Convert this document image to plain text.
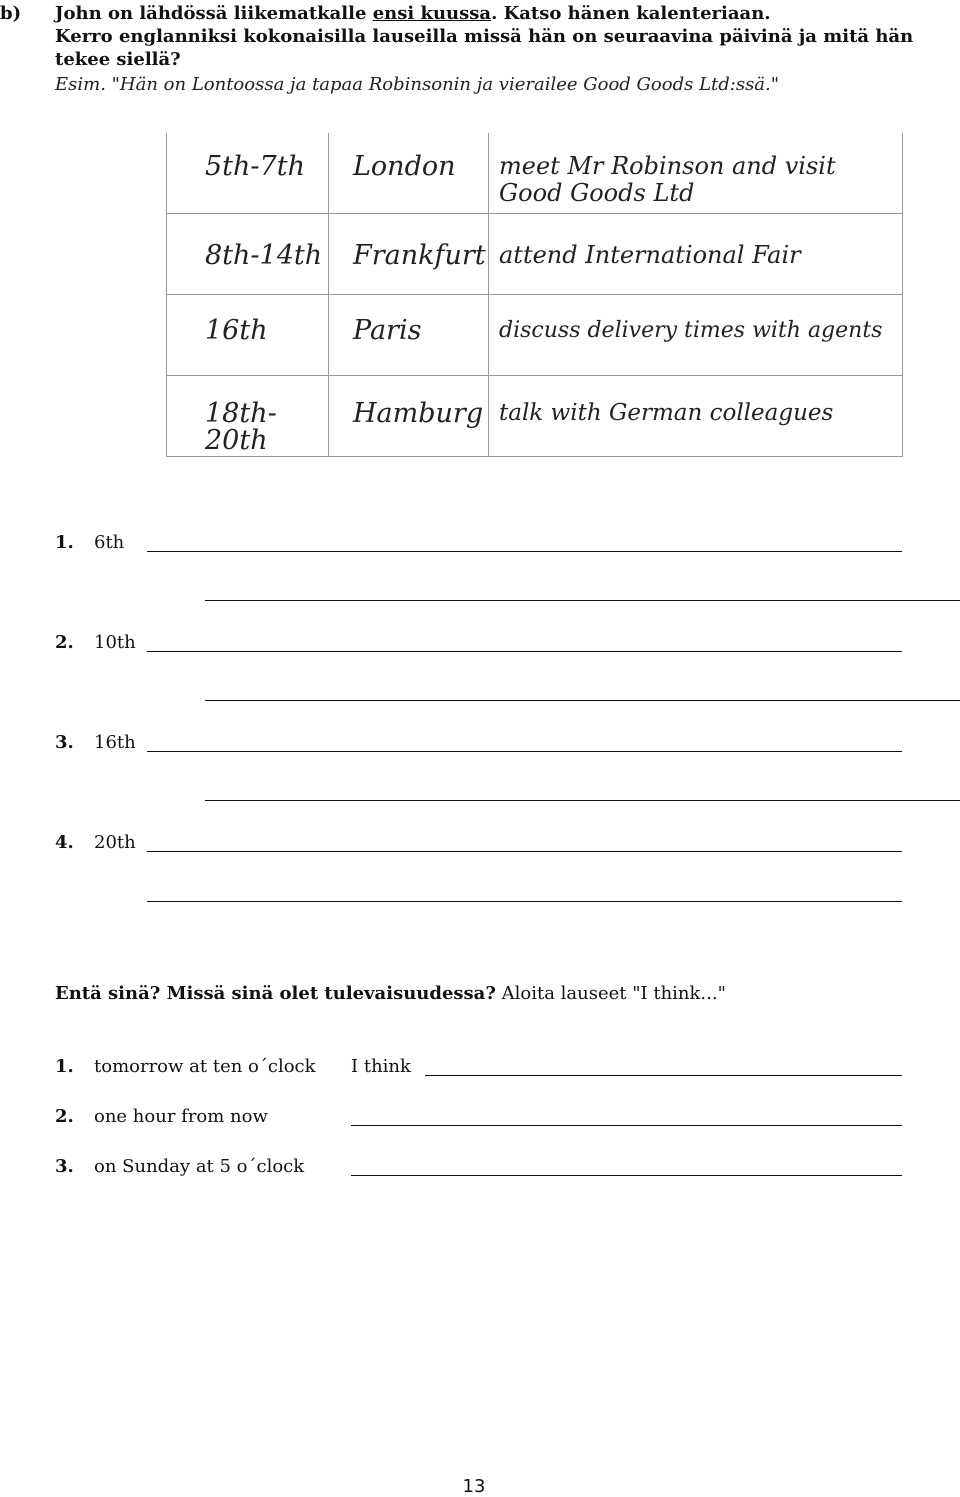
b) John on lähdössä liikematkalle ensi kuussa. Katso hänen kalenteriaan.
Kerro englanniksi kokonaisilla lauseilla missä hän on seuraavina päivinä ja mitä hän
tekee siellä?
Esim. "Hän on Lontoossa ja tapaa Robinsonin ja vierailee Good Goods Ltd:ssä."
5th-7th	London	meet Mr Robinson and visit
Good Goods Ltd

8th-14th	Frankfurt	attend International Fair

16th	Paris	discuss delivery times with agents

18th-20th	Hamburg	talk with German colleagues
1. 6th
2. 10th
3. 16th
4. 20th
Entä sinä? Missä sinä olet tulevaisuudessa? Aloita lauseet "I think..."
1. tomorrow at ten o´clock I think
2. one hour from now
3. on Sunday at 5 o´clock
13
